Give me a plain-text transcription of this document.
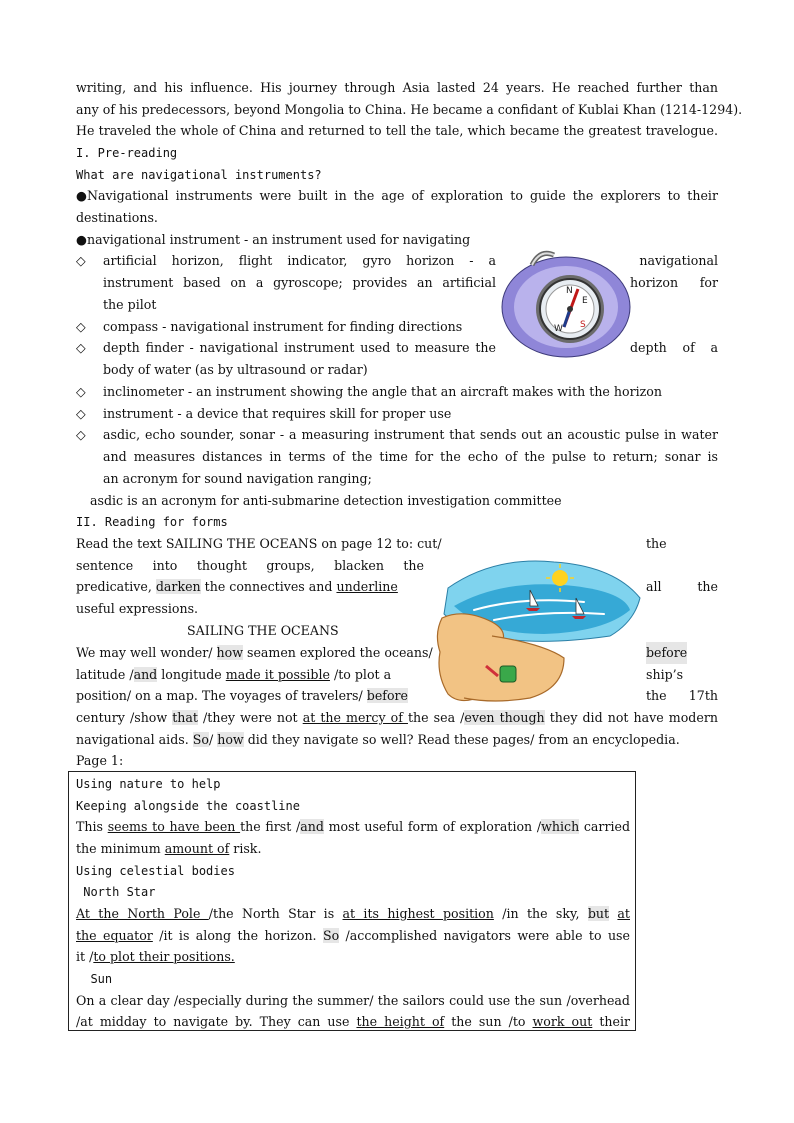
writing, and his influence. His journey through Asia lasted 24 years. He reached further than
any of his predecessors, beyond Mongolia to China. He became a confidant of Kublai Khan (1214-1294).
He traveled the whole of China and returned to tell the tale, which became the greatest travelogue.
I. Pre-reading
What are navigational instruments?
● Navigational instruments were built in the age of exploration to guide the explorers to their
destinations.
●navigational instrument - an instrument used for navigating
◇ artificial horizon, flight indicator, gyro horizon - a	navigational
instrument based on a gyroscope; provides an artificial	horizon for
the pilot
◇ compass - navigational instrument for finding directions
◇ depth finder - navigational instrument used to measure the	depth of a
body of water (as by ultrasound or radar)
◇ inclinometer - an instrument showing the angle that an aircraft makes with the horizon
◇ instrument - a device that requires skill for proper use
◇ asdic, echo sounder, sonar - a measuring instrument that sends out an acoustic pulse in water
and measures distances in terms of the time for the echo of the pulse to return; sonar is
an acronym for sound navigation ranging;
asdic is an acronym for anti-submarine detection investigation committee
II. Reading for forms
Read the text SAILING THE OCEANS on page 12 to: cut/	the
sentence into thought groups, blacken the
predicative, darken the connectives and underline	all the
useful expressions.
SAILING THE OCEANS
We may well wonder/ how seamen explored the oceans/	before
latitude /and longitude made it possible /to plot a	ship’s
position/ on a map. The voyages of travelers/ before	the 17th
century /show that /they were not at the mercy of the sea /even though they did not have modern
navigational aids. So/ how did they navigate so well? Read these pages/ from an encyclopedia.
Page 1:
N
E
S
W
Using nature to help
Keeping alongside the coastline
This seems to have been the first /and most useful form of exploration /which carried
the minimum amount of risk.
Using celestial bodies
North Star
At the North Pole /the North Star is at its highest position /in the sky, but at
the equator /it is along the horizon. So /accomplished navigators were able to use
it /to plot their positions.
Sun
On a clear day /especially during the summer/ the sailors could use the sun /overhead
/at midday to navigate by. They can use the height of the sun /to work out their
